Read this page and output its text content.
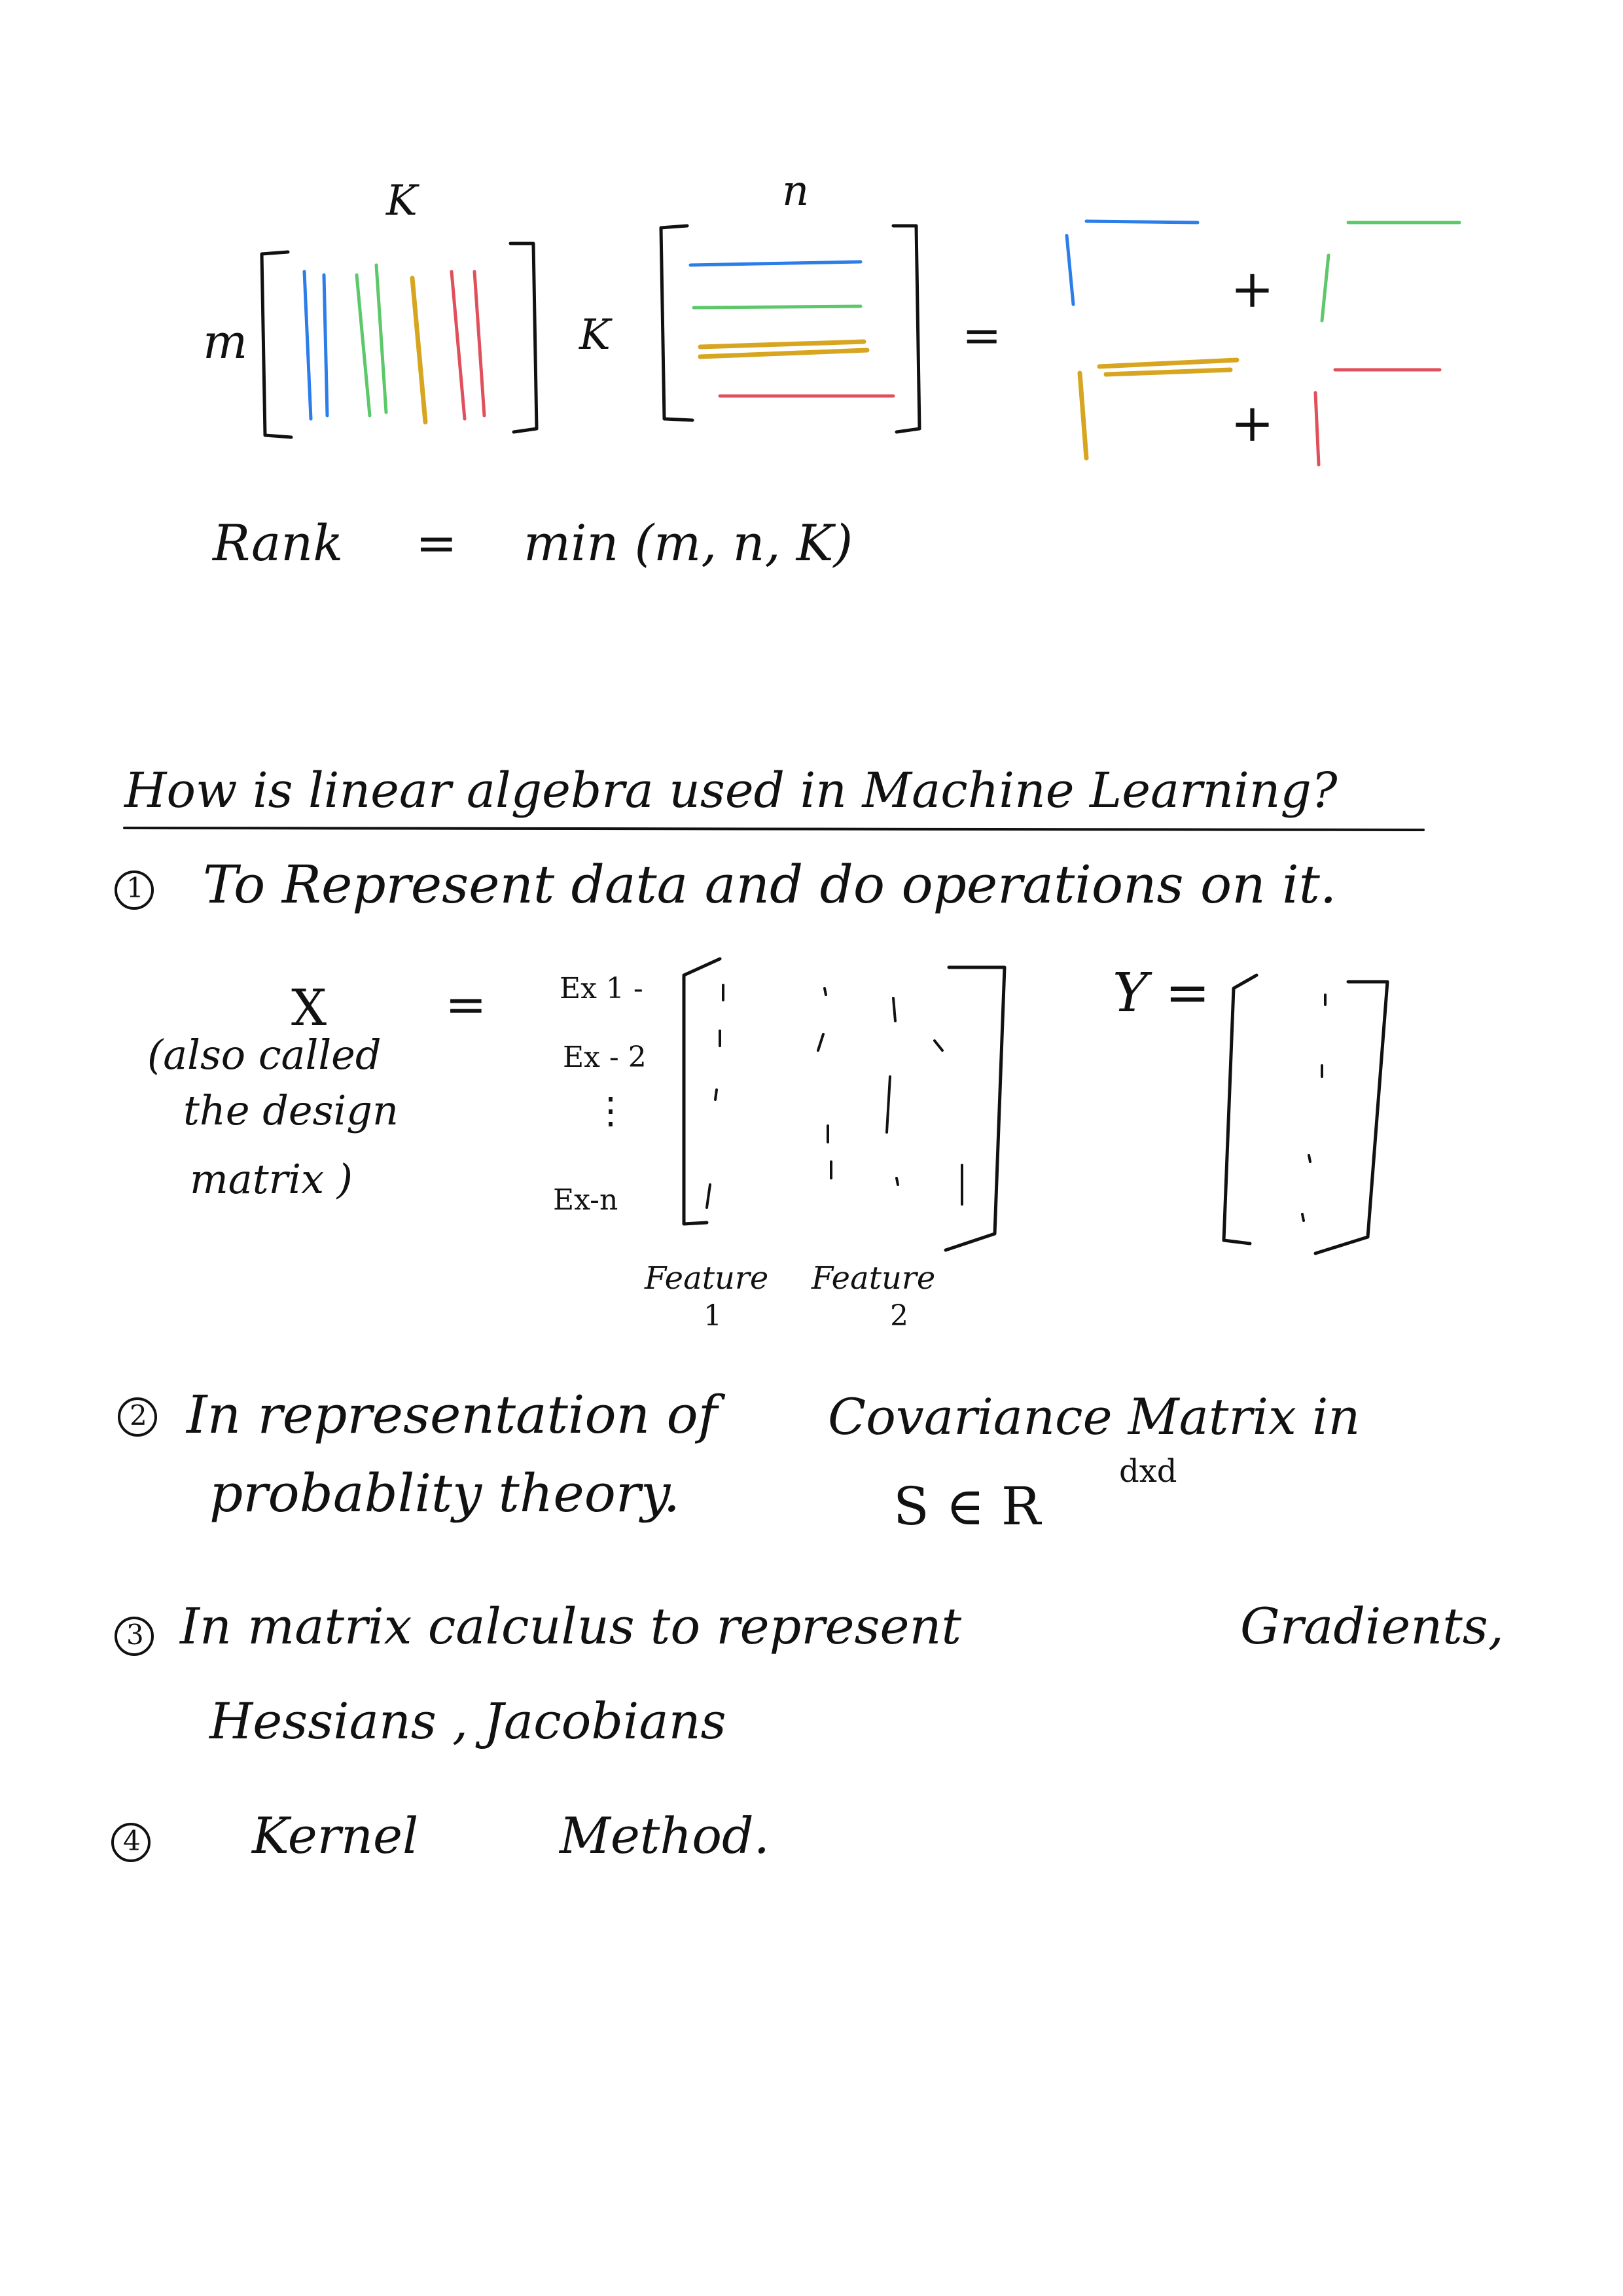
K	n
m	K	=
+
+
Rank = min (m, n, K)
How is linear algebra used in Machine Learning?
1 To Represent data and do operations on it.
X =
(also called
the design
matrix )
Ex 1 -
Ex - 2
⋮
Ex-n
Feature
1
Feature
2
Y =
2 In representation of Covariance Matrix in
probablity theory.	S ∈ R
dxd
3 In matrix calculus to represent	Gradients,
Hessians , Jacobians
4 Kernel	Method.
